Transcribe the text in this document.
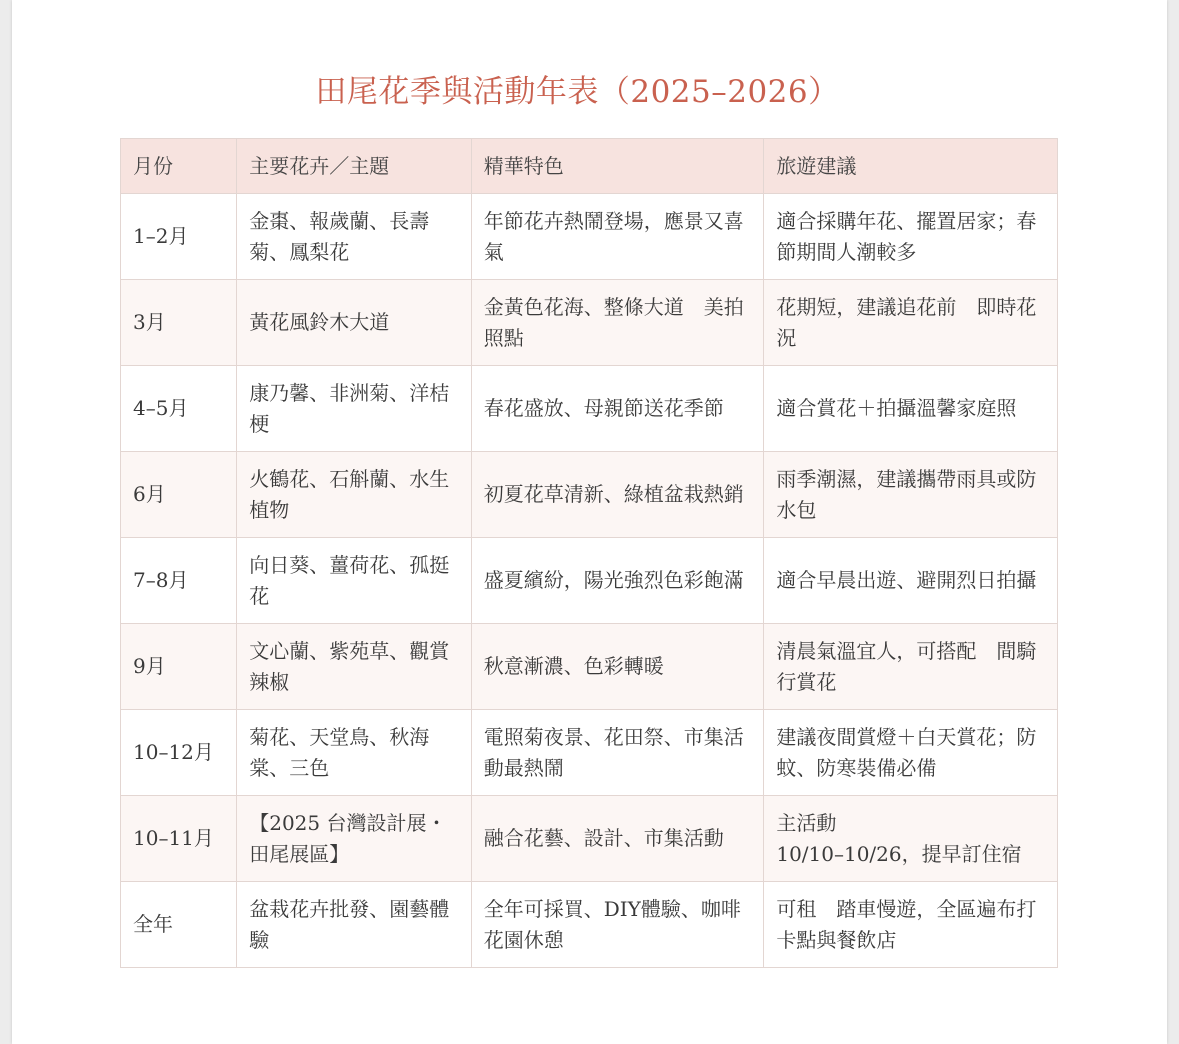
田尾花季與活動年表（2025–2026）
月份	主要花卉／主題	精華特色	旅遊建議
1–2月	金棗、報歲蘭、長壽菊、鳳梨花	年節花卉熱鬧登場，應景又喜氣	適合採購年花、擺置居家；春節期間人潮較多
3月	黃花風鈴木大道	金黃色花海、整條大道　美拍照點	花期短，建議追花前　即時花況
4–5月	康乃馨、非洲菊、洋桔梗	春花盛放、母親節送花季節	適合賞花＋拍攝溫馨家庭照
6月	火鶴花、石斛蘭、水生植物	初夏花草清新、綠植盆栽熱銷	雨季潮濕，建議攜帶雨具或防水包
7–8月	向日葵、薑荷花、孤挺花	盛夏繽紛，陽光強烈色彩飽滿	適合早晨出遊、避開烈日拍攝
9月	文心蘭、紫苑草、觀賞辣椒	秋意漸濃、色彩轉暖	清晨氣溫宜人，可搭配　間騎行賞花
10–12月	菊花、天堂鳥、秋海棠、三色	電照菊夜景、花田祭、市集活動最熱鬧	建議夜間賞燈＋白天賞花；防蚊、防寒裝備必備
10–11月	【2025 台灣設計展・田尾展區】	融合花藝、設計、市集活動	主活動
10/10–10/26，提早訂住宿
全年	盆栽花卉批發、園藝體驗	全年可採買、DIY體驗、咖啡花園休憩	可租　踏車慢遊，全區遍布打卡點與餐飲店
